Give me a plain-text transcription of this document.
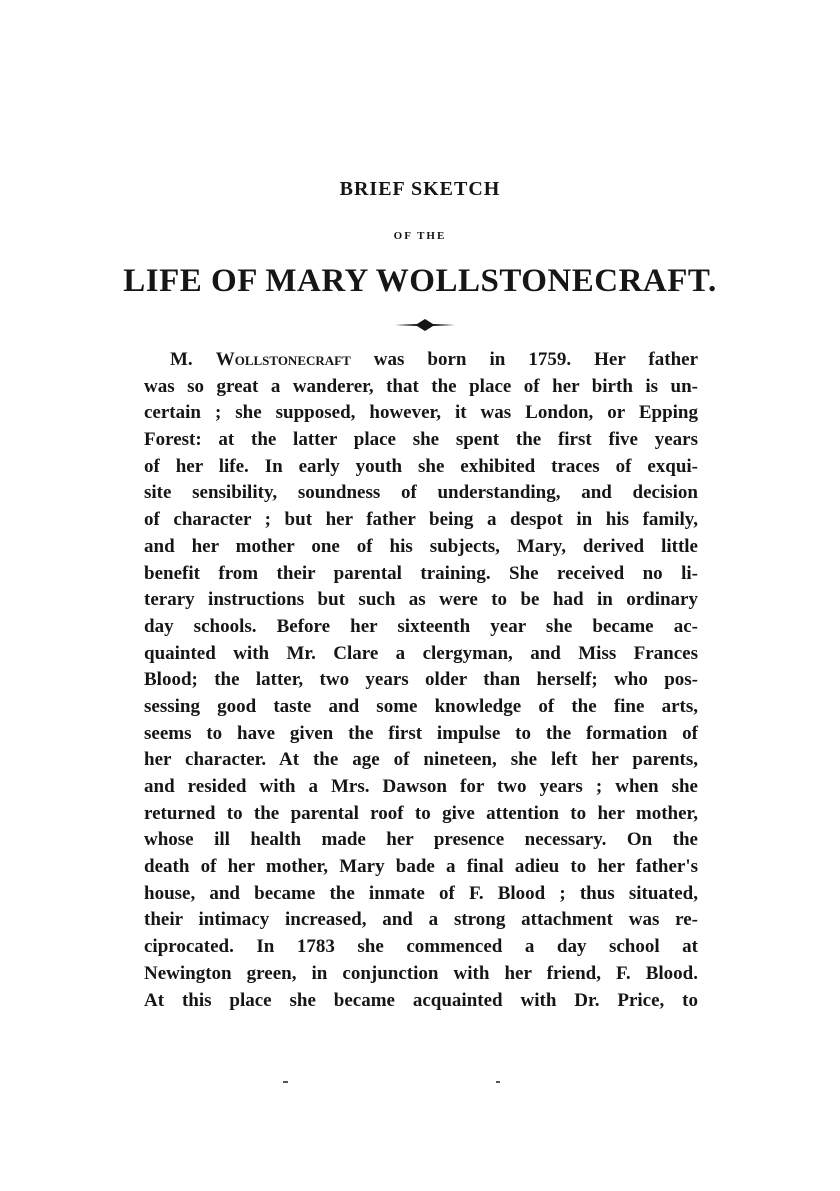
BRIEF SKETCH
OF THE
LIFE OF MARY WOLLSTONECRAFT.
M. Wollstonecraft was born in 1759. Her father
was so great a wanderer, that the place of her birth is un-
certain ; she supposed, however, it was London, or Epping
Forest: at the latter place she spent the first five years
of her life. In early youth she exhibited traces of exqui-
site sensibility, soundness of understanding, and decision
of character ; but her father being a despot in his family,
and her mother one of his subjects, Mary, derived little
benefit from their parental training. She received no li-
terary instructions but such as were to be had in ordinary
day schools. Before her sixteenth year she became ac-
quainted with Mr. Clare a clergyman, and Miss Frances
Blood; the latter, two years older than herself; who pos-
sessing good taste and some knowledge of the fine arts,
seems to have given the first impulse to the formation of
her character. At the age of nineteen, she left her parents,
and resided with a Mrs. Dawson for two years ; when she
returned to the parental roof to give attention to her mother,
whose ill health made her presence necessary. On the
death of her mother, Mary bade a final adieu to her father's
house, and became the inmate of F. Blood ; thus situated,
their intimacy increased, and a strong attachment was re-
ciprocated. In 1783 she commenced a day school at
Newington green, in conjunction with her friend, F. Blood.
At this place she became acquainted with Dr. Price, to
